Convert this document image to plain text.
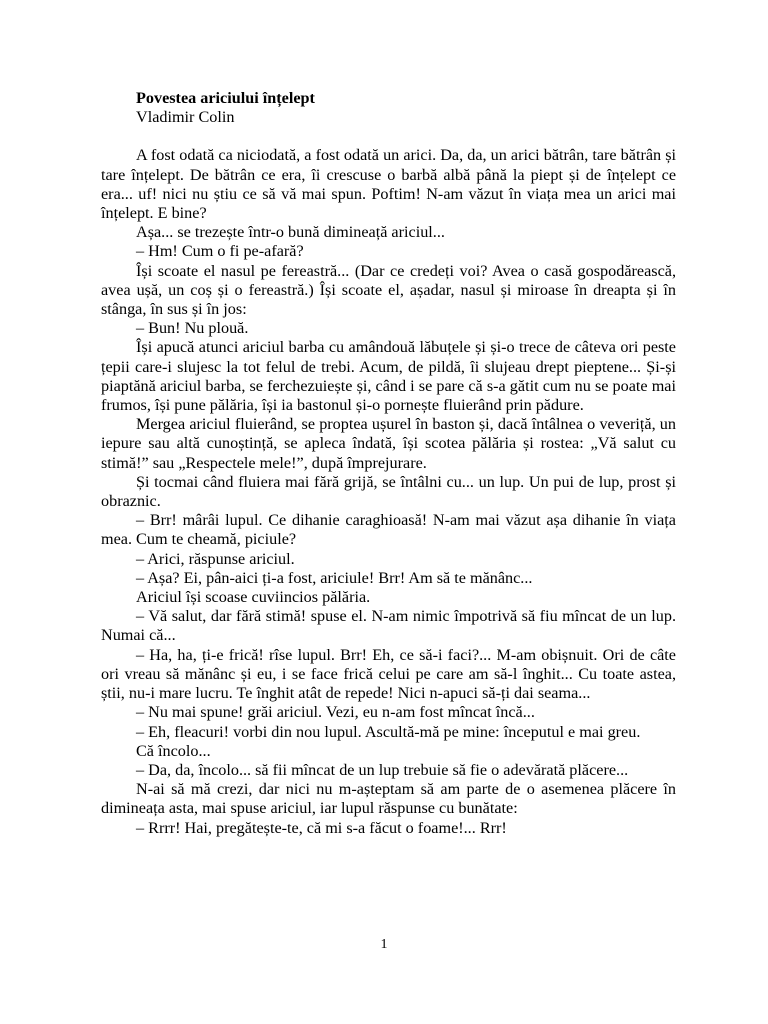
Povestea ariciului înțelept
Vladimir Colin

A fost odată ca niciodată, a fost odată un arici. Da, da, un arici bătrân, tare bătrân și tare înțelept. De bătrân ce era, îi crescuse o barbă albă până la piept și de înțelept ce era... uf! nici nu știu ce să vă mai spun. Poftim! N-am văzut în viața mea un arici mai înțelept. E bine?

Așa... se trezește într-o bună dimineață ariciul...

– Hm! Cum o fi pe-afară?

Își scoate el nasul pe fereastră... (Dar ce credeți voi? Avea o casă gospodărească, avea ușă, un coș și o fereastră.) Își scoate el, așadar, nasul și miroase în dreapta și în stânga, în sus și în jos:

– Bun! Nu plouă.

Își apucă atunci ariciul barba cu amândouă lăbuțele și și-o trece de câteva ori peste țepii care-i slujesc la tot felul de trebi. Acum, de pildă, îi slujeau drept pieptene... Și-și piaptănă ariciul barba, se ferchezuiește și, când i se pare că s-a gătit cum nu se poate mai frumos, își pune pălăria, își ia bastonul și-o pornește fluierând prin pădure.

Mergea ariciul fluierând, se proptea ușurel în baston și, dacă întâlnea o veveriță, un iepure sau altă cunoștință, se apleca îndată, își scotea pălăria și rostea: „Vă salut cu stimă!” sau „Respectele mele!”, după împrejurare.

Și tocmai când fluiera mai fără grijă, se întâlni cu... un lup. Un pui de lup, prost și obraznic.

– Brr! mârâi lupul. Ce dihanie caraghioasă! N-am mai văzut așa dihanie în viața mea. Cum te cheamă, piciule?

– Arici, răspunse ariciul.

– Așa? Ei, pân-aici ți-a fost, ariciule! Brr! Am să te mănânc...

Ariciul își scoase cuviincios pălăria.

– Vă salut, dar fără stimă! spuse el. N-am nimic împotrivă să fiu mîncat de un lup. Numai că...

– Ha, ha, ți-e frică! rîse lupul. Brr! Eh, ce să-i faci?... M-am obișnuit. Ori de câte ori vreau să mănânc și eu, i se face frică celui pe care am să-l înghit... Cu toate astea, știi, nu-i mare lucru. Te înghit atât de repede! Nici n-apuci să-ți dai seama...

– Nu mai spune! grăi ariciul. Vezi, eu n-am fost mîncat încă...

– Eh, fleacuri! vorbi din nou lupul. Ascultă-mă pe mine: începutul e mai greu.

Că încolo...

– Da, da, încolo... să fii mîncat de un lup trebuie să fie o adevărată plăcere...

N-ai să mă crezi, dar nici nu m-așteptam să am parte de o asemenea plăcere în dimineața asta, mai spuse ariciul, iar lupul răspunse cu bunătate:

– Rrrr! Hai, pregătește-te, că mi s-a făcut o foame!... Rrr!

1
